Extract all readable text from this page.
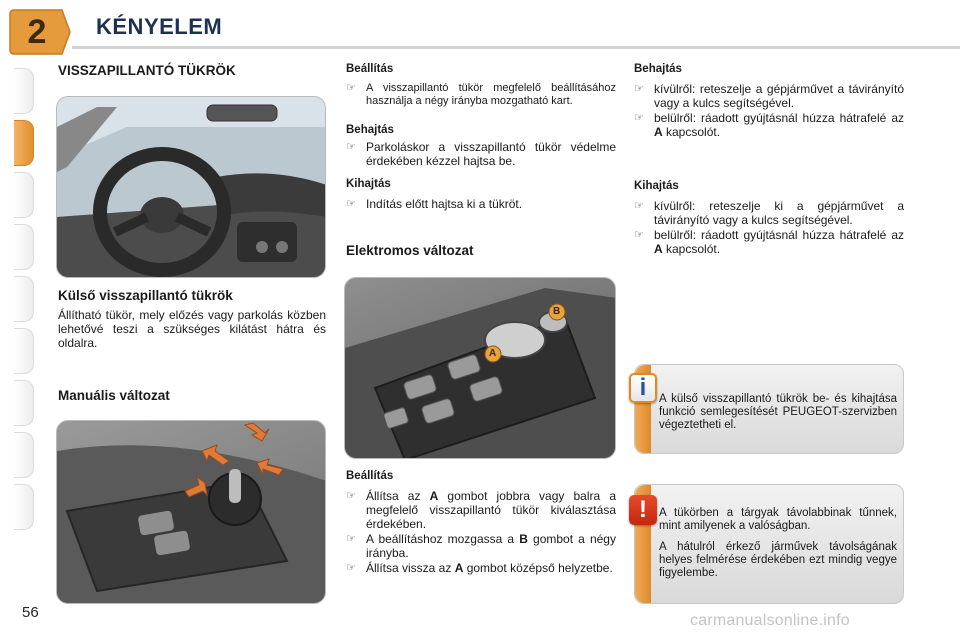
2	KÉNYELEM
VISSZAPILLANTÓ TÜKRÖK
Külső visszapillantó tükrök
Állítható tükör, mely előzés vagy parkolás közben lehetővé teszi a szükséges kilátást hátra és oldalra.
Manuális változat
56
Beállítás
☞ A visszapillantó tükör megfelelő beállításához használja a négy irányba mozgatható kart.
Behajtás
☞ Parkoláskor a visszapillantó tükör védelme érdekében kézzel hajtsa be.
Kihajtás
☞ Indítás előtt hajtsa ki a tükröt.
Elektromos változat
A
B
Beállítás
☞ Állítsa az A gombot jobbra vagy balra a megfelelő visszapillantó tükör kiválasztása érdekében.
☞ A beállításhoz mozgassa a B gombot a négy irányba.
☞ Állítsa vissza az A gombot középső helyzetbe.
Behajtás
☞ kívülről: reteszelje a gépjárművet a távirányító vagy a kulcs segítségével.
☞ belülről: ráadott gyújtásnál húzza hátrafelé az A kapcsolót.
Kihajtás
☞ kívülről: reteszelje ki a gépjárművet a távirányító vagy a kulcs segítségével.
☞ belülről: ráadott gyújtásnál húzza hátrafelé az A kapcsolót.
i	A külső visszapillantó tükrök be- és kihajtása funkció semlegesítését PEUGEOT-szervizben végeztetheti el.
!	A tükörben a tárgyak távolabbinak tűnnek, mint amilyenek a valóságban.
A hátulról érkező járművek távolságának helyes felmérése érdekében ezt mindig vegye figyelembe.
carmanualsonline.info
